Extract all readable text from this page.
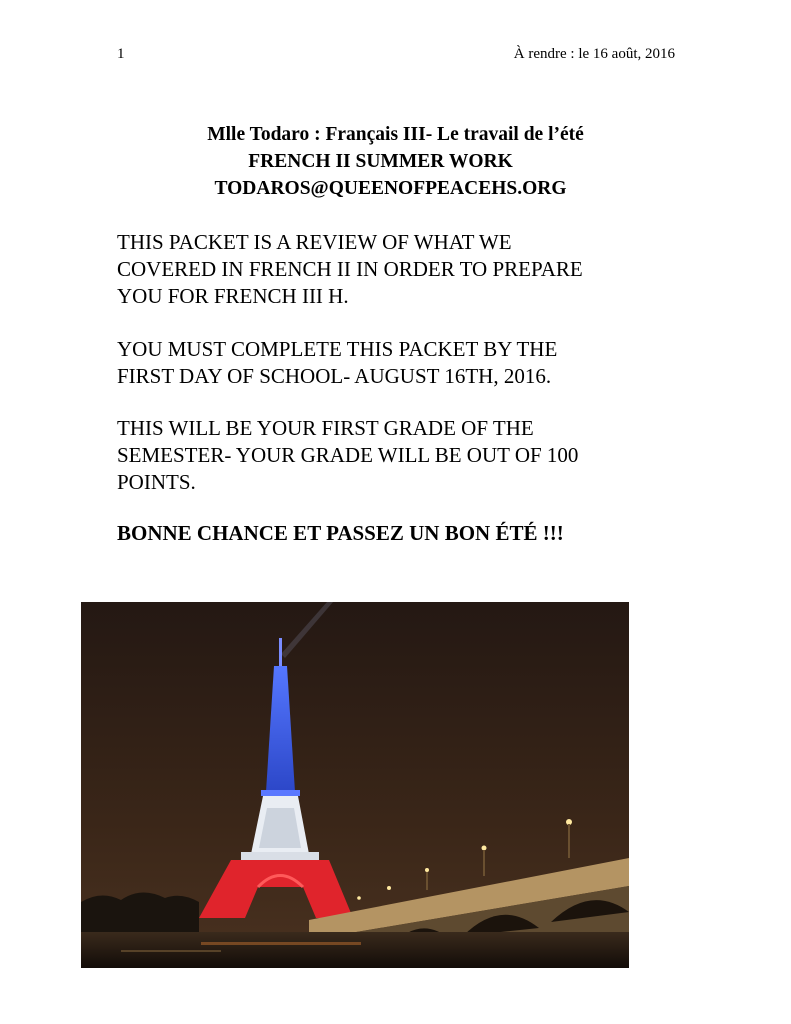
1	À rendre : le 16 août, 2016
Mlle Todaro : Français III- Le travail de l’été
FRENCH II SUMMER WORK
TODAROS@QUEENOFPEACEHS.ORG
THIS PACKET IS A REVIEW OF WHAT WE
COVERED IN FRENCH II IN ORDER TO PREPARE
YOU FOR FRENCH III H.
YOU MUST COMPLETE THIS PACKET BY THE
FIRST DAY OF SCHOOL- AUGUST 16TH, 2016.
THIS WILL BE YOUR FIRST GRADE OF THE
SEMESTER- YOUR GRADE WILL BE OUT OF 100
POINTS.
BONNE CHANCE ET PASSEZ UN BON ÉTÉ !!!
